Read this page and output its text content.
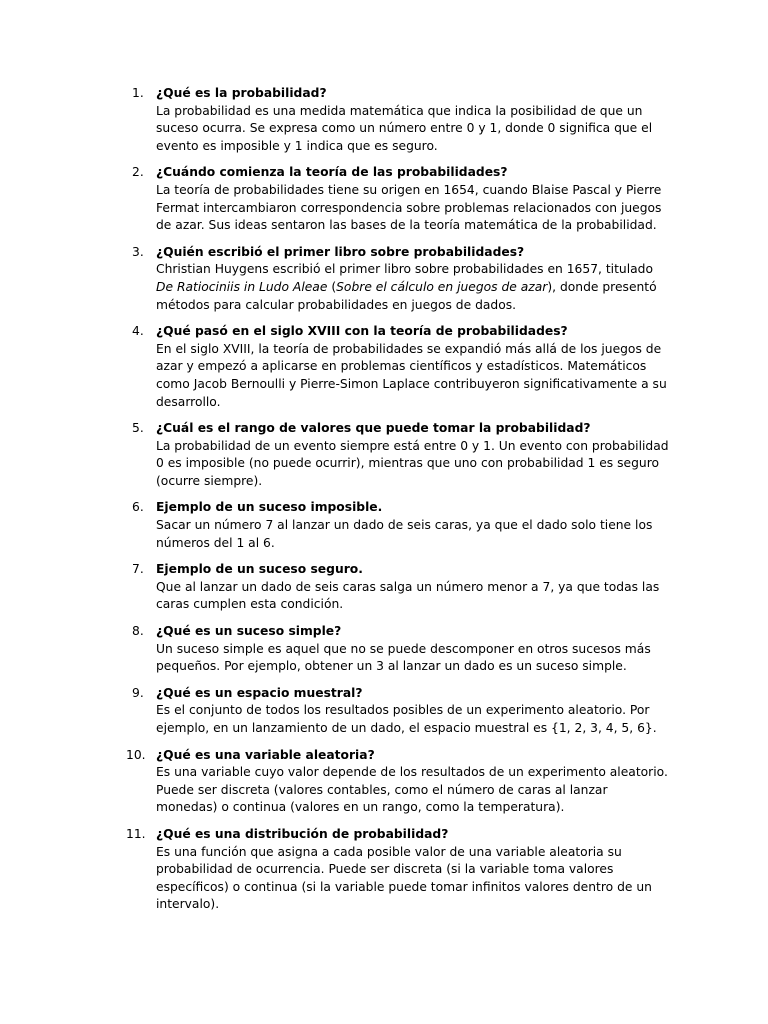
1. ¿Qué es la probabilidad?
La probabilidad es una medida matemática que indica la posibilidad de que un suceso ocurra. Se expresa como un número entre 0 y 1, donde 0 significa que el evento es imposible y 1 indica que es seguro.
2. ¿Cuándo comienza la teoría de las probabilidades?
La teoría de probabilidades tiene su origen en 1654, cuando Blaise Pascal y Pierre Fermat intercambiaron correspondencia sobre problemas relacionados con juegos de azar. Sus ideas sentaron las bases de la teoría matemática de la probabilidad.
3. ¿Quién escribió el primer libro sobre probabilidades?
Christian Huygens escribió el primer libro sobre probabilidades en 1657, titulado De Ratiociniis in Ludo Aleae (Sobre el cálculo en juegos de azar), donde presentó métodos para calcular probabilidades en juegos de dados.
4. ¿Qué pasó en el siglo XVIII con la teoría de probabilidades?
En el siglo XVIII, la teoría de probabilidades se expandió más allá de los juegos de azar y empezó a aplicarse en problemas científicos y estadísticos. Matemáticos como Jacob Bernoulli y Pierre-Simon Laplace contribuyeron significativamente a su desarrollo.
5. ¿Cuál es el rango de valores que puede tomar la probabilidad?
La probabilidad de un evento siempre está entre 0 y 1. Un evento con probabilidad 0 es imposible (no puede ocurrir), mientras que uno con probabilidad 1 es seguro (ocurre siempre).
6. Ejemplo de un suceso imposible.
Sacar un número 7 al lanzar un dado de seis caras, ya que el dado solo tiene los números del 1 al 6.
7. Ejemplo de un suceso seguro.
Que al lanzar un dado de seis caras salga un número menor a 7, ya que todas las caras cumplen esta condición.
8. ¿Qué es un suceso simple?
Un suceso simple es aquel que no se puede descomponer en otros sucesos más pequeños. Por ejemplo, obtener un 3 al lanzar un dado es un suceso simple.
9. ¿Qué es un espacio muestral?
Es el conjunto de todos los resultados posibles de un experimento aleatorio. Por ejemplo, en un lanzamiento de un dado, el espacio muestral es {1, 2, 3, 4, 5, 6}.
10. ¿Qué es una variable aleatoria?
Es una variable cuyo valor depende de los resultados de un experimento aleatorio. Puede ser discreta (valores contables, como el número de caras al lanzar monedas) o continua (valores en un rango, como la temperatura).
11. ¿Qué es una distribución de probabilidad?
Es una función que asigna a cada posible valor de una variable aleatoria su probabilidad de ocurrencia. Puede ser discreta (si la variable toma valores específicos) o continua (si la variable puede tomar infinitos valores dentro de un intervalo).
